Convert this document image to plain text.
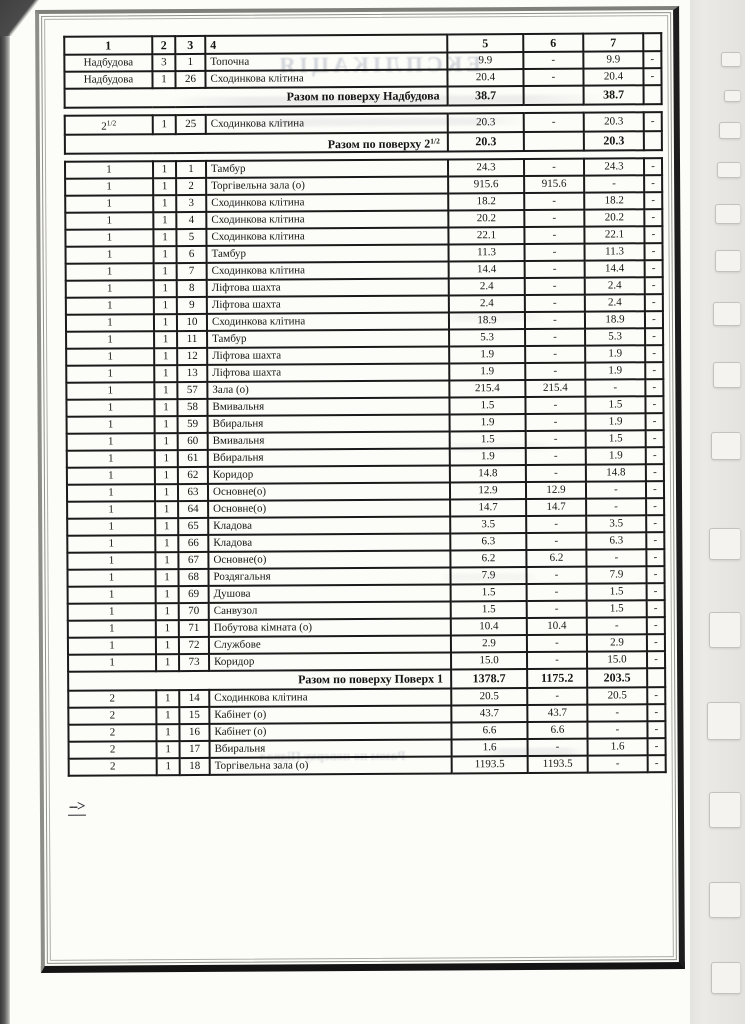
ЕКСПЛІКАЦІЯ
Разом по поверху Підвал
1	2	3	4	5	6	7	
Надбудова	3	1	Топочна	9.9	-	9.9	-
Надбудова	1	26	Сходинкова клітина	20.4	-	20.4	-
Разом по поверху Надбудова				38.7		38.7	
$2^{1/2}$	1	25	Сходинкова клітина	20.3	-	20.3	-
Разом по поверху $2^{1/2}$				20.3		20.3	
1	1	1	Тамбур	24.3	-	24.3	-
1	1	2	Торгівельна зала (о)	915.6	915.6	-	-
1	1	3	Сходинкова клітина	18.2	-	18.2	-
1	1	4	Сходинкова клітина	20.2	-	20.2	-
1	1	5	Сходинкова клітина	22.1	-	22.1	-
1	1	6	Тамбур	11.3	-	11.3	-
1	1	7	Сходинкова клітина	14.4	-	14.4	-
1	1	8	Ліфтова шахта	2.4	-	2.4	-
1	1	9	Ліфтова шахта	2.4	-	2.4	-
1	1	10	Сходинкова клітина	18.9	-	18.9	-
1	1	11	Тамбур	5.3	-	5.3	-
1	1	12	Ліфтова шахта	1.9	-	1.9	-
1	1	13	Ліфтова шахта	1.9	-	1.9	-
1	1	57	Зала (о)	215.4	215.4	-	-
1	1	58	Вмивальня	1.5	-	1.5	-
1	1	59	Вбиральня	1.9	-	1.9	-
1	1	60	Вмивальня	1.5	-	1.5	-
1	1	61	Вбиральня	1.9	-	1.9	-
1	1	62	Коридор	14.8	-	14.8	-
1	1	63	Основне(о)	12.9	12.9	-	-
1	1	64	Основне(о)	14.7	14.7	-	-
1	1	65	Кладова	3.5	-	3.5	-
1	1	66	Кладова	6.3	-	6.3	-
1	1	67	Основне(о)	6.2	6.2	-	-
1	1	68	Роздягальня	7.9	-	7.9	-
1	1	69	Душова	1.5	-	1.5	-
1	1	70	Санвузол	1.5	-	1.5	-
1	1	71	Побутова кімната (о)	10.4	10.4	-	-
1	1	72	Службове	2.9	-	2.9	-
1	1	73	Коридор	15.0	-	15.0	-
Разом по поверху Поверх 1				1378.7	1175.2	203.5	
2	1	14	Сходинкова клітина	20.5	-	20.5	-
2	1	15	Кабінет (о)	43.7	43.7	-	-
2	1	16	Кабінет (о)	6.6	6.6	-	-
2	1	17	Вбиральня	1.6	-	1.6	-
2	1	18	Торгівельна зала (о)	1193.5	1193.5	-	-
-->
